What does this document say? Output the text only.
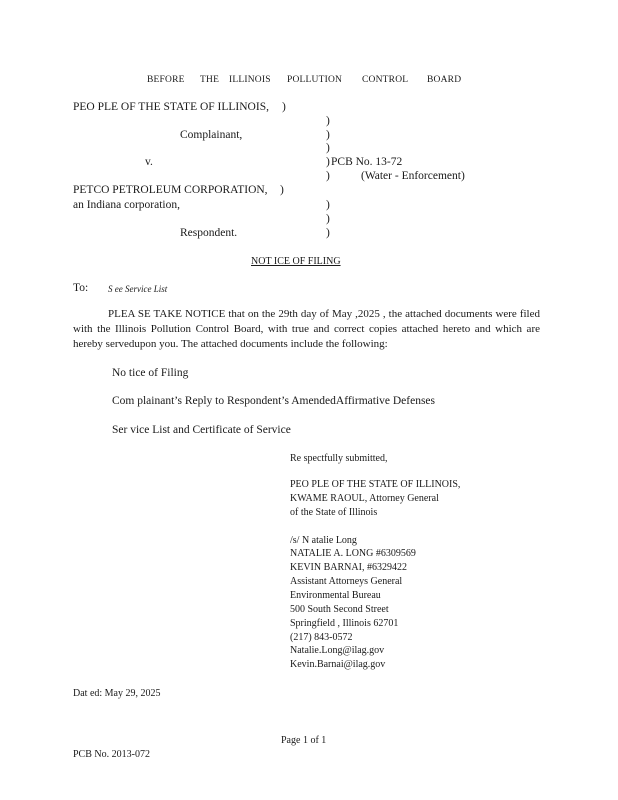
BEFORE THE ILLINOIS POLLUTION CONTROL BOARD
PEO PLE OF THE STATE OF ILLINOIS,
Complainant,
v.	PCB No. 13-72
(Water - Enforcement)
PETCO PETROLEUM CORPORATION,
an Indiana corporation,
Respondent.
)
)
)
)
)
)
)
)
)
)
NOT ICE OF FILING
To: S ee Service List
PLEA SE TAKE NOTICE that on the 29th day of May ,2025 , the attached documents were filed with the Illinois Pollution Control Board, with true and correct copies attached hereto and which are hereby servedupon you. The attached documents include the following:
No tice of Filing
Com plainant’s Reply to Respondent’s AmendedAffirmative Defenses
Ser vice List and Certificate of Service
Re spectfully submitted,
PEO PLE OF THE STATE OF ILLINOIS,
KWAME RAOUL, Attorney General
of the State of Illinois
/s/ N atalie Long
NATALIE A. LONG #6309569
KEVIN BARNAI, #6329422
Assistant Attorneys General
Environmental Bureau
500 South Second Street
Springfield , Illinois 62701
(217) 843-0572
Natalie.Long@ilag.gov
Kevin.Barnai@ilag.gov
Dat ed: May 29, 2025
Page 1 of 1
PCB No. 2013-072
